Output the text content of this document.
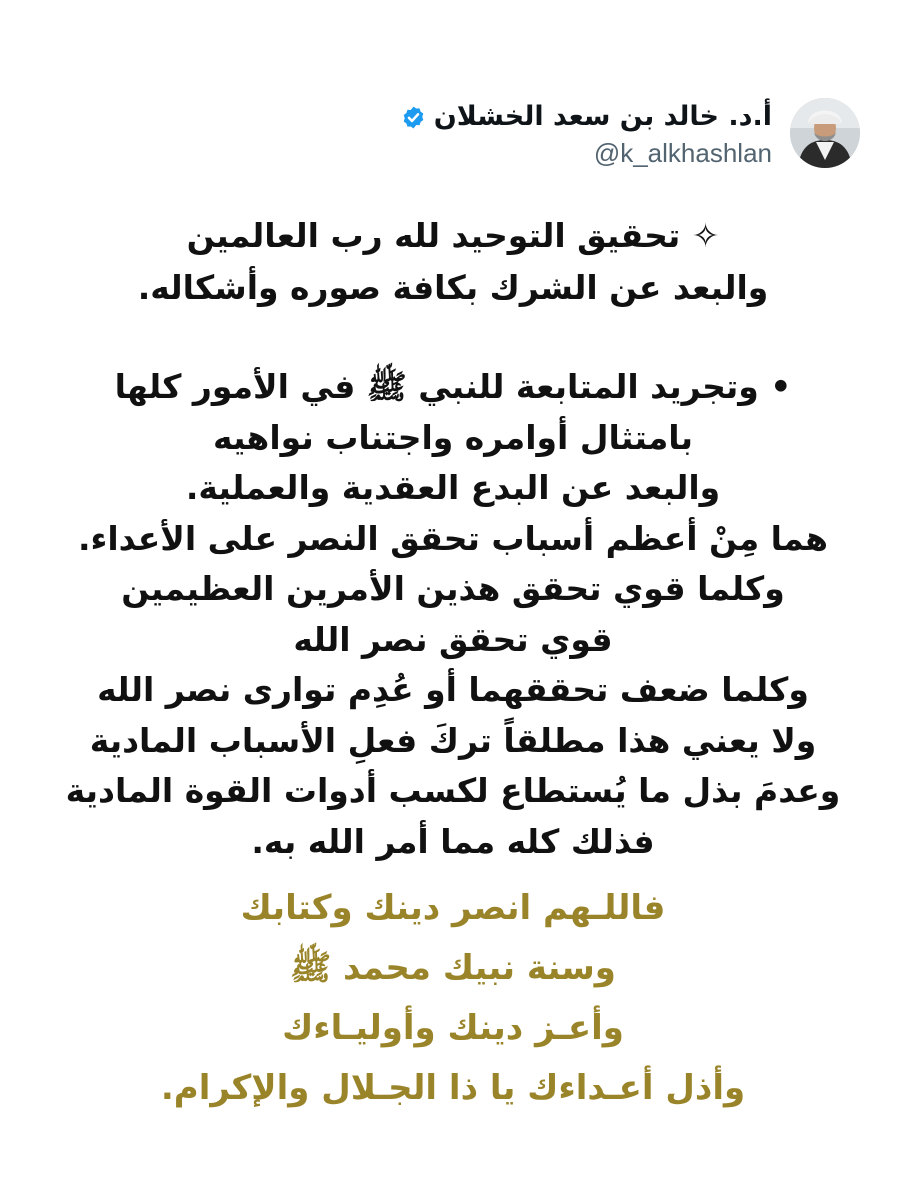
أ.د. خالد بن سعد الخشلان
@k_alkhashlan
✧ تحقيق التوحيد لله رب العالمين
والبعد عن الشرك بكافة صوره وأشكاله.
• وتجريد المتابعة للنبي ﷺ في الأمور كلها
بامتثال أوامره واجتناب نواهيه
والبعد عن البدع العقدية والعملية.
هما مِنْ أعظم أسباب تحقق النصر على الأعداء.
وكلما قوي تحقق هذين الأمرين العظيمين
قوي تحقق نصر الله
وكلما ضعف تحققهما أو عُدِم توارى نصر الله
ولا يعني هذا مطلقاً تركَ فعلِ الأسباب المادية
وعدمَ بذل ما يُستطاع لكسب أدوات القوة المادية
فذلك كله مما أمر الله به.
فاللـهم انصر دينك وكتابك
وسنة نبيك محمد ﷺ
وأعـز دينك وأوليـاءك
وأذل أعـداءك يا ذا الجـلال والإكرام.
